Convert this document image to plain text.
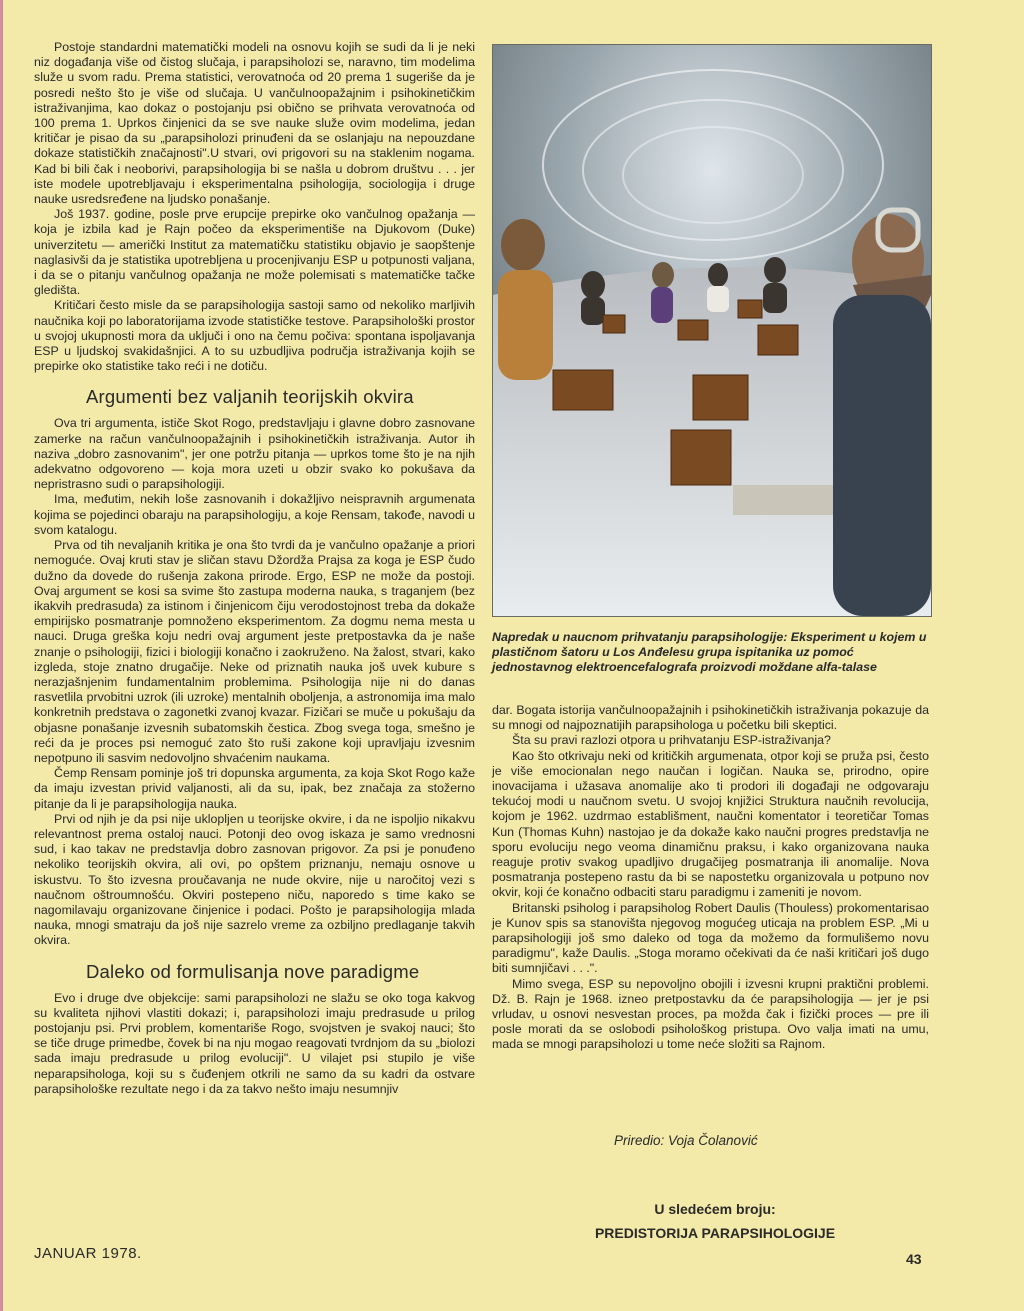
Postoje standardni matematički modeli na osnovu kojih se sudi da li je neki niz događanja više od čistog slučaja, i parapsiholozi se, naravno, tim modelima služe u svom radu. Prema statistici, verovatnoća od 20 prema 1 sugeriše da je posredi nešto što je više od slučaja. U vančulnoopažajnim i psihokinetičkim istraživanjima, kao dokaz o postojanju psi obično se prihvata verovatnoća od 100 prema 1. Uprkos činjenici da se sve nauke služe ovim modelima, jedan kritičar je pisao da su „parapsiholozi prinuđeni da se oslanjaju na nepouzdane dokaze statističkih značajnosti".U stvari, ovi prigovori su na staklenim nogama. Kad bi bili čak i neoborivi, parapsihologija bi se našla u dobrom društvu . . . jer iste modele upotrebljavaju i eksperimentalna psihologija, sociologija i druge nauke usredsređene na ljudsko ponašanje.

Još 1937. godine, posle prve erupcije prepirke oko vančulnog opažanja — koja je izbila kad je Rajn počeo da eksperimentiše na Djukovom (Duke) univerzitetu — američki Institut za matematičku statistiku objavio je saopštenje naglasivši da je statistika upotrebljena u procenjivanju ESP u potpunosti valjana, i da se o pitanju vančulnog opažanja ne može polemisati s matematičke tačke gledišta.

Kritičari često misle da se parapsihologija sastoji samo od nekoliko marljivih naučnika koji po laboratorijama izvode statističke testove. Parapsihološki prostor u svojoj ukupnosti mora da uključi i ono na čemu počiva: spontana ispoljavanja ESP u ljudskoj svakidašnjici. A to su uzbudljiva područja istraživanja kojih se prepirke oko statistike tako reći i ne dotiču.

Argumenti bez valjanih teorijskih okvira

Ova tri argumenta, ističe Skot Rogo, predstavljaju i glavne dobro zasnovane zamerke na račun vančulnoopažajnih i psihokinetičkih istraživanja. Autor ih naziva „dobro zasnovanim", jer one potržu pitanja — uprkos tome što je na njih adekvatno odgovoreno — koja mora uzeti u obzir svako ko pokušava da nepristrasno sudi o parapsihologiji.

Ima, međutim, nekih loše zasnovanih i dokažljivo neispravnih argumenata kojima se pojedinci obaraju na parapsihologiju, a koje Rensam, takođe, navodi u svom katalogu.

Prva od tih nevaljanih kritika je ona što tvrdi da je vančulno opažanje a priori nemoguće. Ovaj kruti stav je sličan stavu Džordža Prajsa za koga je ESP čudo dužno da dovede do rušenja zakona prirode. Ergo, ESP ne može da postoji. Ovaj argument se kosi sa svime što zastupa moderna nauka, s traganjem (bez ikakvih predrasuda) za istinom i činjenicom čiju verodostojnost treba da dokaže empirijsko posmatranje pomnoženo eksperimentom. Za dogmu nema mesta u nauci. Druga greška koju nedri ovaj argument jeste pretpostavka da je naše znanje o psihologiji, fizici i biologiji konačno i zaokruženo. Na žalost, stvari, kako izgleda, stoje znatno drugačije. Neke od priznatih nauka još uvek kubure s nerazjašnjenim fundamentalnim problemima. Psihologija nije ni do danas rasvetlila prvobitni uzrok (ili uzroke) mentalnih obolјenja, a astronomija ima malo konkretnih predstava o zagonetki zvanoj kvazar. Fizičari se muče u pokušaju da objasne ponašanje izvesnih subatomskih čestica. Zbog svega toga, smešno je reći da je proces psi nemoguć zato što ruši zakone koji upravljaju izvesnim nepotpuno ili sasvim nedovoljno shvaćenim naukama.

Čemp Rensam pominje još tri dopunska argumenta, za koja Skot Rogo kaže da imaju izvestan privid valjanosti, ali da su, ipak, bez značaja za stožerno pitanje da li je parapsihologija nauka.

Prvi od njih je da psi nije uklopljen u teorijske okvire, i da ne ispoljio nikakvu relevantnost prema ostaloj nauci. Potonji deo ovog iskaza je samo vrednosni sud, i kao takav ne predstavlja dobro zasnovan prigovor. Za psi je ponuđeno nekoliko teorijskih okvira, ali ovi, po opštem priznanju, nemaju osnove u iskustvu. To što izvesna proučavanja ne nude okvire, nije u naročitoj vezi s naučnom oštroumnošću. Okviri postepeno niču, naporedo s time kako se nagomilavaju organizovane činjenice i podaci. Pošto je parapsihologija mlada nauka, mnogi smatraju da još nije sazrelo vreme za ozbiljno predlaganje takvih okvira.

Daleko od formulisanja nove paradigme

Evo i druge dve objekcije: sami parapsiholozi ne slažu se oko toga kakvog su kvaliteta njihovi vlastiti dokazi; i, parapsiholozi imaju predrasude u prilog postojanju psi. Prvi problem, komentariše Rogo, svojstven je svakoj nauci; što se tiče druge primedbe, čovek bi na nju mogao reagovati tvrdnjom da su „biolozi sada imaju predrasude u prilog evoluciji". U vilajet psi stupilo je više neparapsihologa, koji su s čuđenjem otkrili ne samo da su kadri da ostvare parapsihološke rezultate nego i da za takvo nešto imaju nesumnjiv

Napredak u naucnom prihvatanju parapsihologije: Eksperiment u kojem u plastičnom šatoru u Los Anđelesu grupa ispitanika uz pomoć jednostavnog elektroencefalografa proizvodi moždane alfa-talase

dar. Bogata istorija vančulnoopažajnih i psihokinetičkih istraživanja pokazuje da su mnogi od najpoznatijih parapsihologa u početku bili skeptici.

Šta su pravi razlozi otpora u prihvatanju ESP-istraživanja?

Kao što otkrivaju neki od kritičkih argumenata, otpor koji se pruža psi, često je više emocionalan nego naučan i logičan. Nauka se, prirodno, opire inovacijama i užasava anomalije ako ti prodori ili događaji ne odgovaraju tekućoj modi u naučnom svetu. U svojoj knjižici Struktura naučnih revolucija, kojom je 1962. uzdrmao establišment, naučni komentator i teoretičar Tomas Kun (Thomas Kuhn) nastojao je da dokaže kako naučni progres predstavlja ne sporu evoluciju nego veoma dinamičnu praksu, i kako organizovana nauka reaguje protiv svakog upadljivo drugačijeg posmatranja ili anomalije. Nova posmatranja postepeno rastu da bi se napostetku organizovala u potpuno nov okvir, koji će konačno odbaciti staru paradigmu i zameniti je novom.

Britanski psiholog i parapsiholog Robert Daulis (Thouless) prokomentarisao je Kunov spis sa stanovišta njegovog mogućeg uticaja na problem ESP. „Mi u parapsihologiji još smo daleko od toga da možemo da formulišemo novu paradigmu", kaže Daulis. „Stoga moramo očekivati da će naši kritičari još dugo biti sumnjičavi . . .".

Mimo svega, ESP su nepovoljno obojili i izvesni krupni praktični problemi. Dž. B. Rajn je 1968. izneo pretpostavku da će parapsihologija — jer je psi vrludav, u osnovi nesvestan proces, pa možda čak i fizički proces — pre ili posle morati da se oslobodi psihološkog pristupa. Ovo valja imati na umu, mada se mnogi parapsiholozi u tome neće složiti sa Rajnom.

Priredio: Voja Čolanović
U sledećem broju:
PREDISTORIJA PARAPSIHOLOGIJE
JANUAR 1978.	43
